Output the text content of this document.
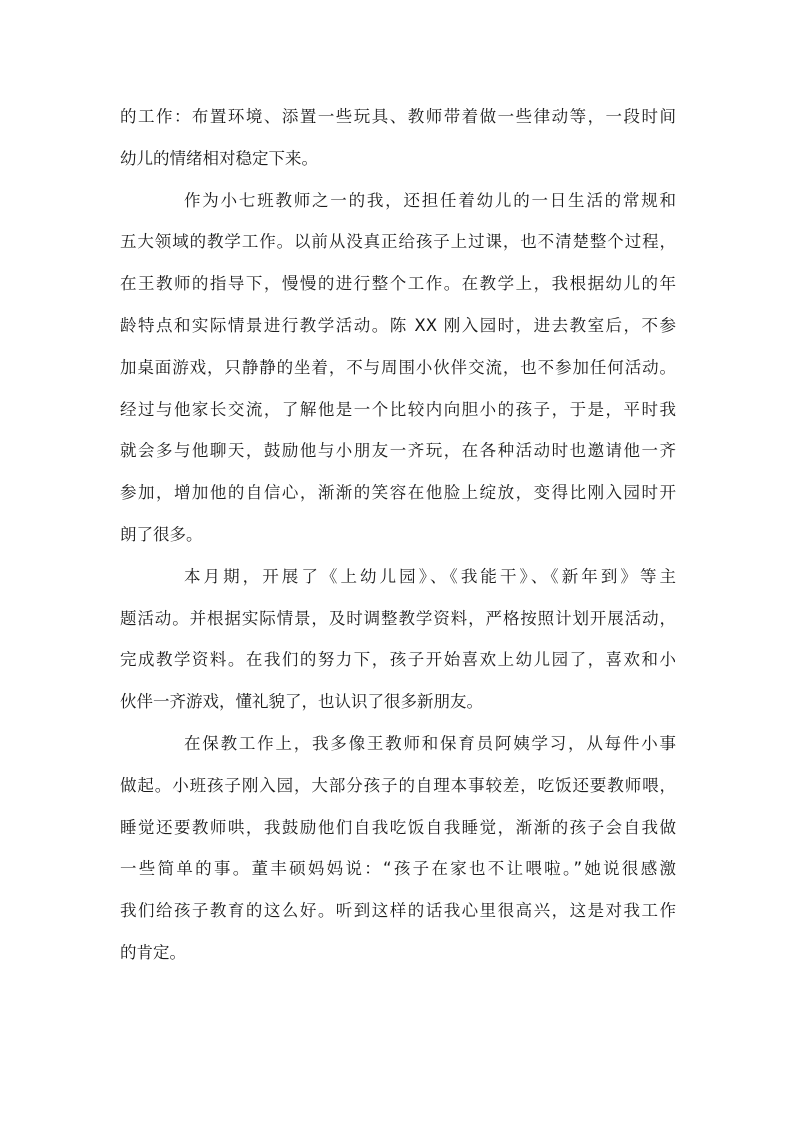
的工作：布置环境、添置一些玩具、教师带着做一些律动等，一段时间
幼儿的情绪相对稳定下来。
作为小七班教师之一的我，还担任着幼儿的一日生活的常规和
五大领域的教学工作。以前从没真正给孩子上过课，也不清楚整个过程，
在王教师的指导下，慢慢的进行整个工作。在教学上，我根据幼儿的年
龄特点和实际情景进行教学活动。陈 XX 刚入园时，进去教室后，不参
加桌面游戏，只静静的坐着，不与周围小伙伴交流，也不参加任何活动。
经过与他家长交流，了解他是一个比较内向胆小的孩子，于是，平时我
就会多与他聊天，鼓励他与小朋友一齐玩，在各种活动时也邀请他一齐
参加，增加他的自信心，渐渐的笑容在他脸上绽放，变得比刚入园时开
朗了很多。
本月期，开展了《上幼儿园》、《我能干》、《新年到》等主
题活动。并根据实际情景，及时调整教学资料，严格按照计划开展活动，
完成教学资料。在我们的努力下，孩子开始喜欢上幼儿园了，喜欢和小
伙伴一齐游戏，懂礼貌了，也认识了很多新朋友。
在保教工作上，我多像王教师和保育员阿姨学习，从每件小事
做起。小班孩子刚入园，大部分孩子的自理本事较差，吃饭还要教师喂，
睡觉还要教师哄，我鼓励他们自我吃饭自我睡觉，渐渐的孩子会自我做
一些简单的事。董丰硕妈妈说：“孩子在家也不让喂啦。”她说很感激
我们给孩子教育的这么好。听到这样的话我心里很高兴，这是对我工作
的肯定。
